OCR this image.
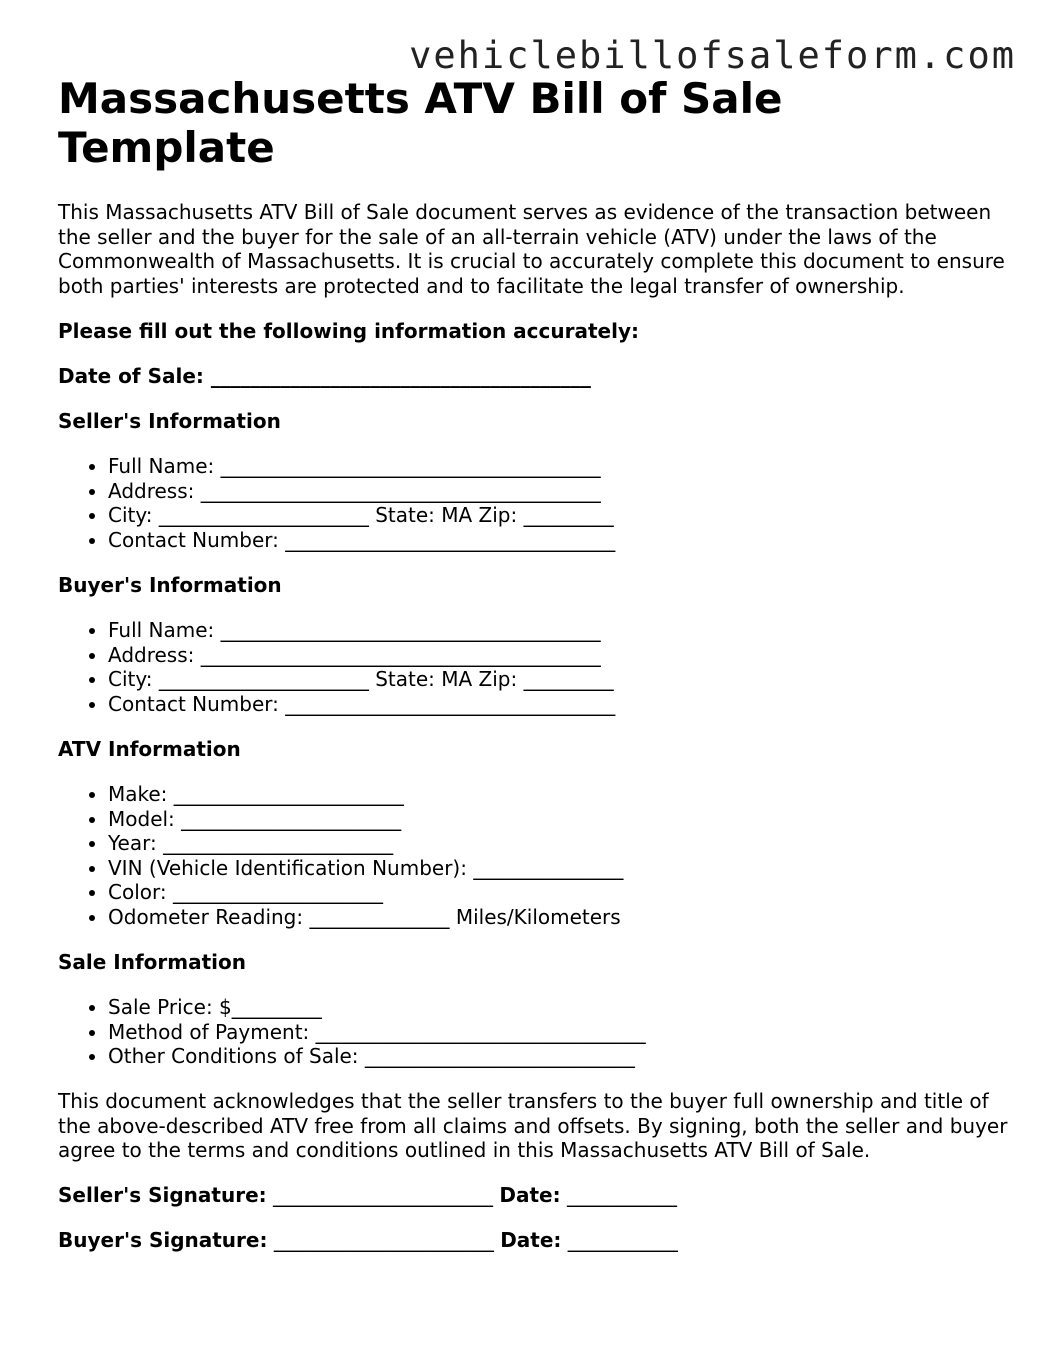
vehiclebillofsaleform.com
Massachusetts ATV Bill of Sale Template

This Massachusetts ATV Bill of Sale document serves as evidence of the transaction between the seller and the buyer for the sale of an all-terrain vehicle (ATV) under the laws of the Commonwealth of Massachusetts. It is crucial to accurately complete this document to ensure both parties' interests are protected and to facilitate the legal transfer of ownership.

Please fill out the following information accurately:

Date of Sale: ______________________________________

Seller's Information

• Full Name: ______________________________________
• Address: ________________________________________
• City: _____________________ State: MA Zip: _________
• Contact Number: _________________________________

Buyer's Information

• Full Name: ______________________________________
• Address: ________________________________________
• City: _____________________ State: MA Zip: _________
• Contact Number: _________________________________

ATV Information

• Make: _______________________
• Model: ______________________
• Year: _______________________
• VIN (Vehicle Identification Number): _______________
• Color: _____________________
• Odometer Reading: ______________ Miles/Kilometers

Sale Information

• Sale Price: $_________
• Method of Payment: _________________________________
• Other Conditions of Sale: ___________________________

This document acknowledges that the seller transfers to the buyer full ownership and title of the above-described ATV free from all claims and offsets. By signing, both the seller and buyer agree to the terms and conditions outlined in this Massachusetts ATV Bill of Sale.

Seller's Signature: ______________________ Date: ___________

Buyer's Signature: ______________________ Date: ___________
